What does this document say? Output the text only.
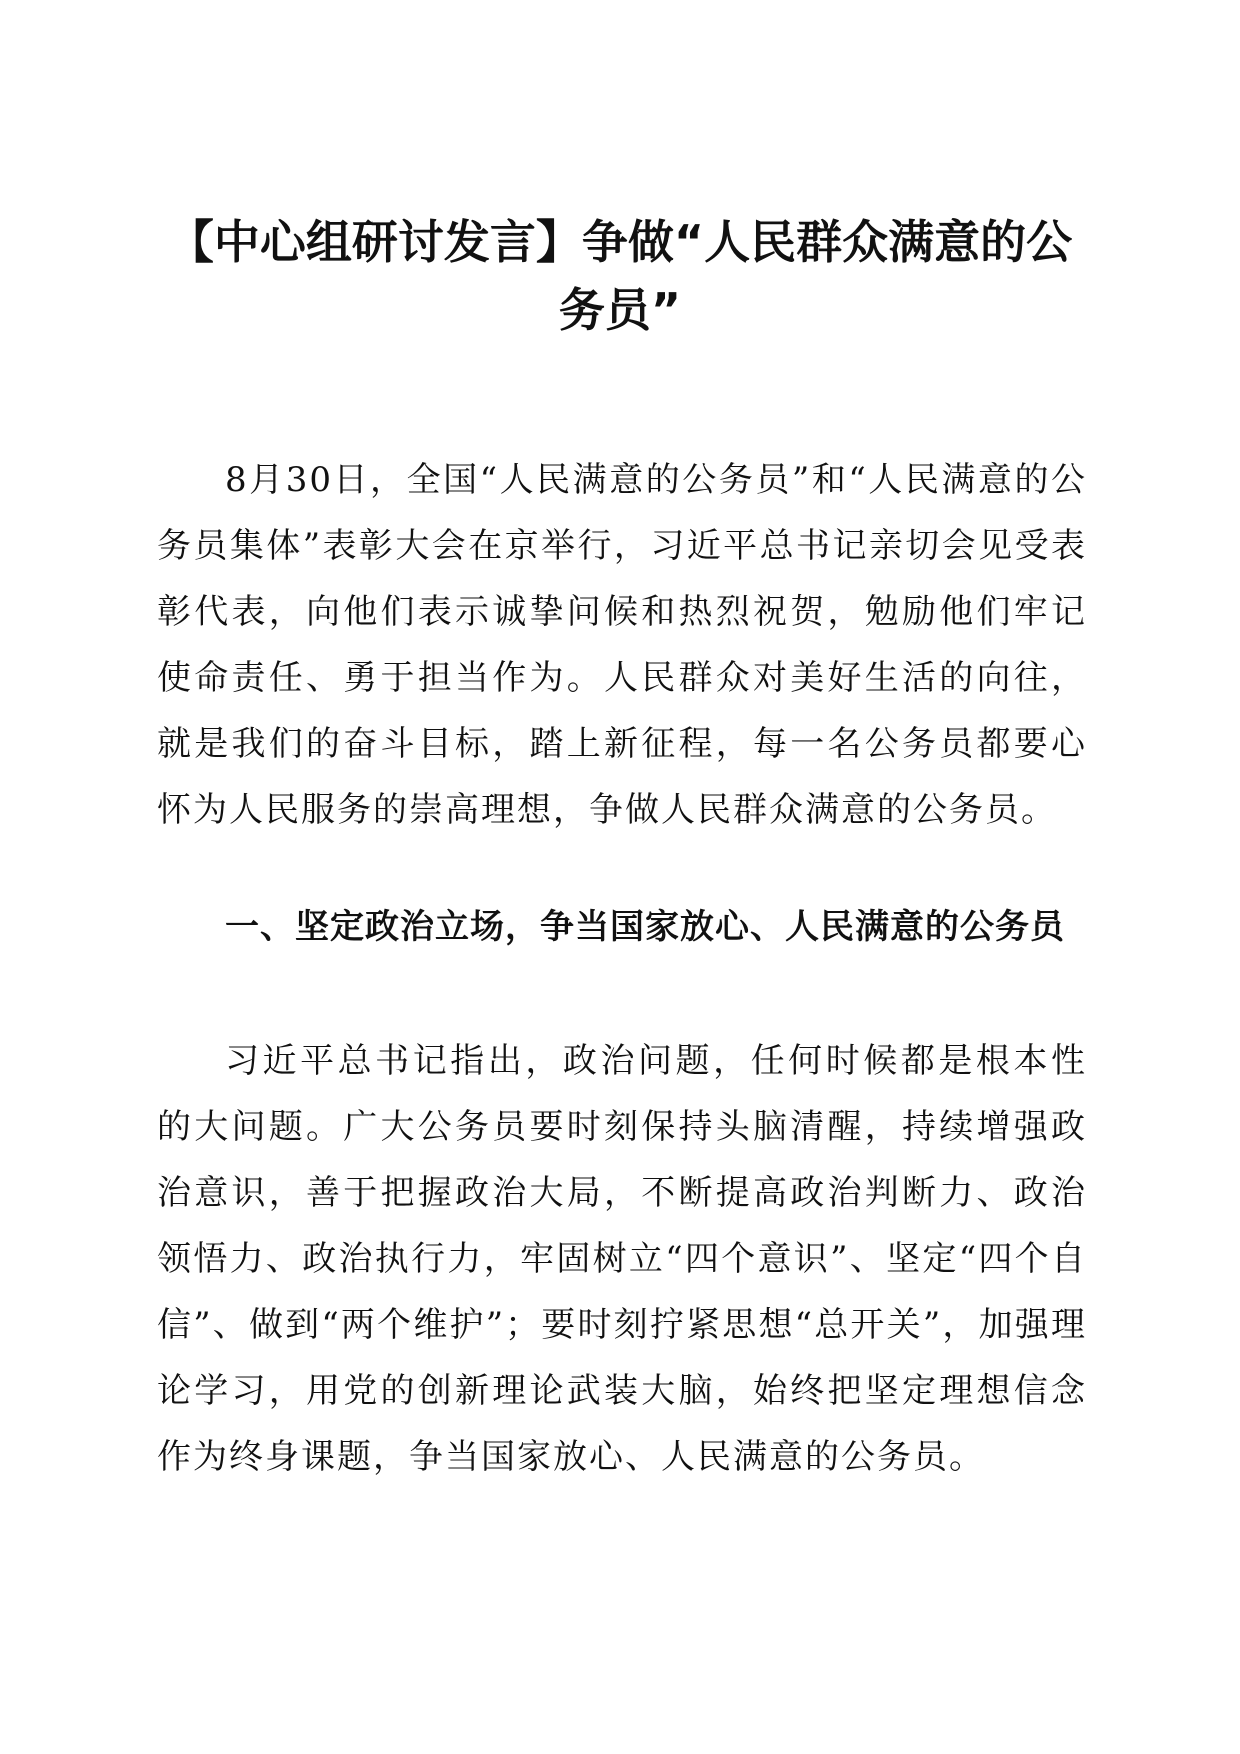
【中心组研讨发言】争做“人民群众满意的公务员”

8月30日，全国“人民满意的公务员”和“人民满意的公务员集体”表彰大会在京举行，习近平总书记亲切会见受表彰代表，向他们表示诚挚问候和热烈祝贺，勉励他们牢记使命责任、勇于担当作为。人民群众对美好生活的向往，就是我们的奋斗目标，踏上新征程，每一名公务员都要心怀为人民服务的崇高理想，争做人民群众满意的公务员。

一、坚定政治立场，争当国家放心、人民满意的公务员

习近平总书记指出，政治问题，任何时候都是根本性的大问题。广大公务员要时刻保持头脑清醒，持续增强政治意识，善于把握政治大局，不断提高政治判断力、政治领悟力、政治执行力，牢固树立“四个意识”、坚定“四个自信”、做到“两个维护”；要时刻拧紧思想“总开关”，加强理论学习，用党的创新理论武装大脑，始终把坚定理想信念作为终身课题，争当国家放心、人民满意的公务员。
